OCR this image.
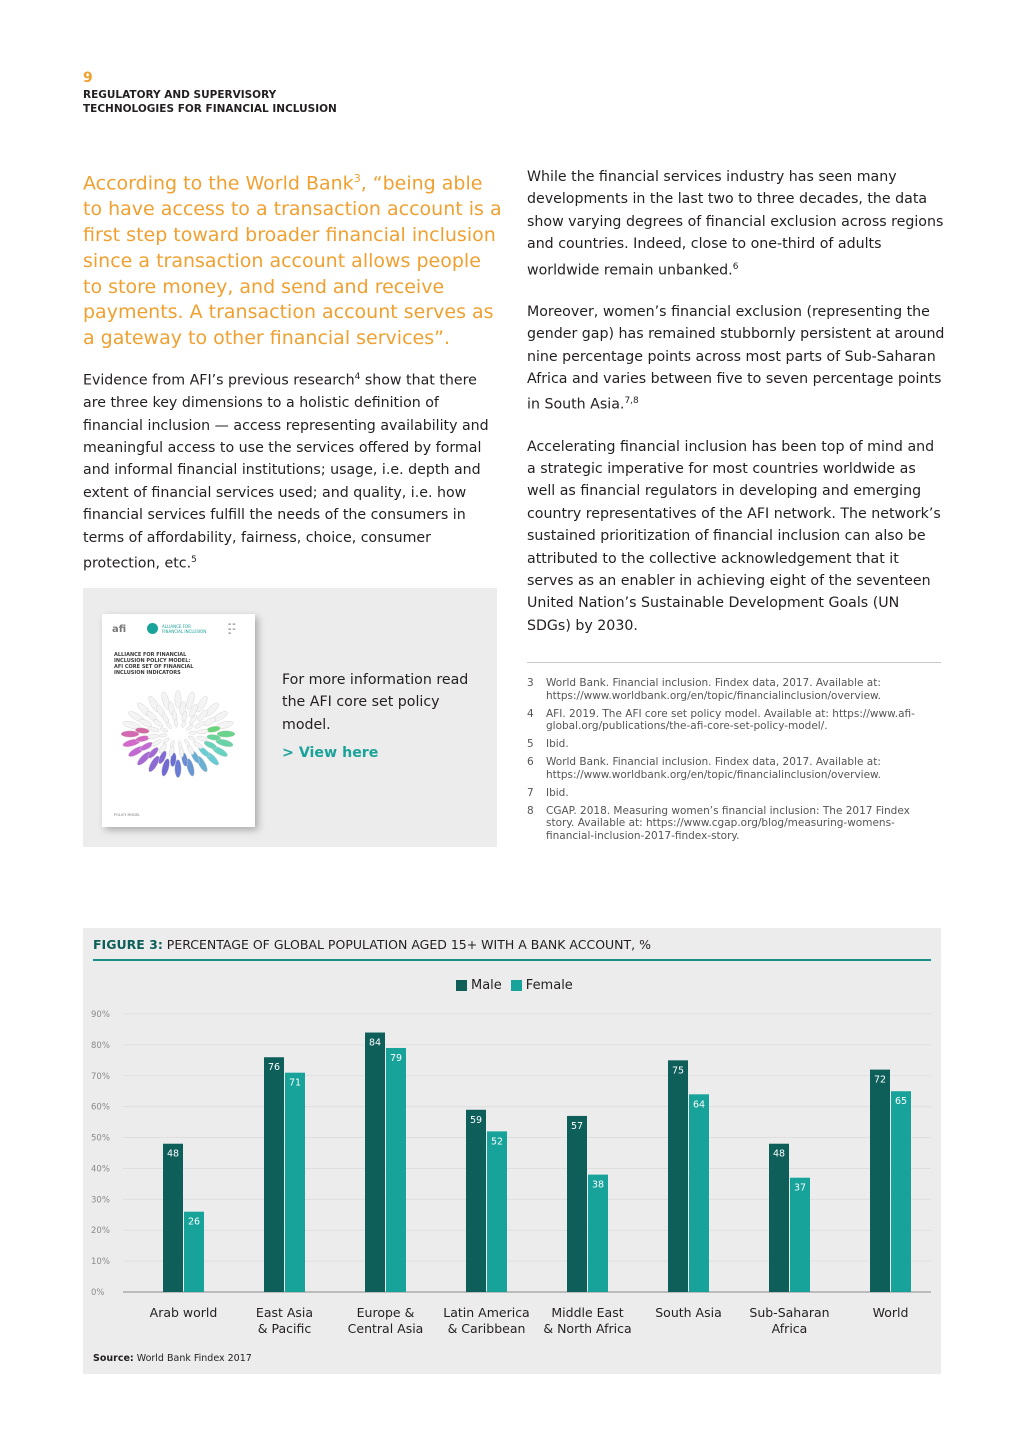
9
REGULATORY AND SUPERVISORY
TECHNOLOGIES FOR FINANCIAL INCLUSION
According to the World Bank$^3$, “being able to have access to a transaction account is a first step toward broader financial inclusion since a transaction account allows people to store money, and send and receive payments. A transaction account serves as a gateway to other financial services”.
Evidence from AFI’s previous research$^4$ show that there are three key dimensions to a holistic definition of financial inclusion — access representing availability and meaningful access to use the services offered by formal and informal financial institutions; usage, i.e. depth and extent of financial services used; and quality, i.e. how financial services fulfill the needs of the consumers in terms of affordability, fairness, choice, consumer protection, etc.$^5$
afi	ALLIANCE FOR FINANCIAL INCLUSION
▬ ▬
▬ ▬
▬
ALLIANCE FOR FINANCIAL
INCLUSION POLICY MODEL:
AFI CORE SET OF FINANCIAL
INCLUSION INDICATORS
POLICY MODEL
For more information read the AFI core set policy model.
> View here

While the financial services industry has seen many developments in the last two to three decades, the data show varying degrees of financial exclusion across regions and countries. Indeed, close to one-third of adults worldwide remain unbanked.$^6$

Moreover, women’s financial exclusion (representing the gender gap) has remained stubbornly persistent at around nine percentage points across most parts of Sub-Saharan Africa and varies between five to seven percentage points in South Asia.$^{7,8}$

Accelerating financial inclusion has been top of mind and a strategic imperative for most countries worldwide as well as financial regulators in developing and emerging country representatives of the AFI network. The network’s sustained prioritization of financial inclusion can also be attributed to the collective acknowledgement that it serves as an enabler in achieving eight of the seventeen United Nation’s Sustainable Development Goals (UN SDGs) by 2030.

3	World Bank. Financial inclusion. Findex data, 2017. Available at: https://www.worldbank.org/en/topic/financialinclusion/overview.
4	AFI. 2019. The AFI core set policy model. Available at: https://www.afi-global.org/publications/the-afi-core-set-policy-model/.
5	Ibid.
6	World Bank. Financial inclusion. Findex data, 2017. Available at: https://www.worldbank.org/en/topic/financialinclusion/overview.
7	Ibid.
8	CGAP. 2018. Measuring women’s financial inclusion: The 2017 Findex story. Available at: https://www.cgap.org/blog/measuring-womens-financial-inclusion-2017-findex-story.
FIGURE 3: PERCENTAGE OF GLOBAL POPULATION AGED 15+ WITH A BANK ACCOUNT, %
Male Female
0%
10%
20%
30%
40%
50%
60%
70%
80%
90%
48
26
Arab world
76
71
East Asia
& Pacific
84
79
Europe &
Central Asia
59
52
Latin America
& Caribbean
57
38
Middle East
& North Africa
75
64
South Asia
48
37
Sub-Saharan
Africa
72
65
World
Source: World Bank Findex 2017
